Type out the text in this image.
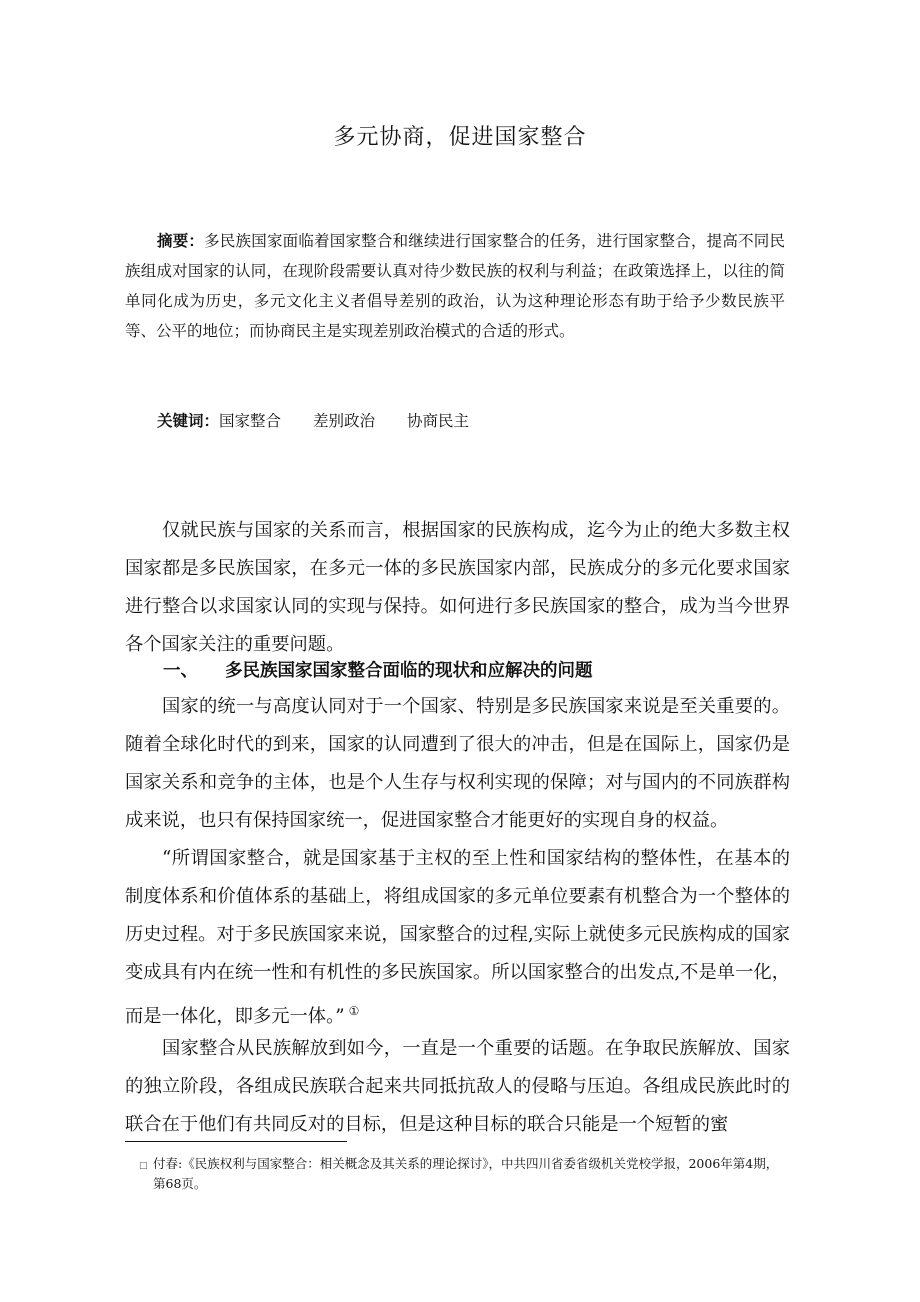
多元协商，促进国家整合
摘要：多民族国家面临着国家整合和继续进行国家整合的任务，进行国家整合，提高不同民族组成对国家的认同，在现阶段需要认真对待少数民族的权利与利益；在政策选择上，以往的简单同化成为历史，多元文化主义者倡导差别的政治，认为这种理论形态有助于给予少数民族平等、公平的地位；而协商民主是实现差别政治模式的合适的形式。
关键词：国家整合 差别政治 协商民主

仅就民族与国家的关系而言，根据国家的民族构成，迄今为止的绝大多数主权国家都是多民族国家，在多元一体的多民族国家内部，民族成分的多元化要求国家进行整合以求国家认同的实现与保持。如何进行多民族国家的整合，成为当今世界各个国家关注的重要问题。

一、 多民族国家国家整合面临的现状和应解决的问题

国家的统一与高度认同对于一个国家、特别是多民族国家来说是至关重要的。随着全球化时代的到来，国家的认同遭到了很大的冲击，但是在国际上，国家仍是国家关系和竞争的主体，也是个人生存与权利实现的保障；对与国内的不同族群构成来说，也只有保持国家统一，促进国家整合才能更好的实现自身的权益。

“所谓国家整合，就是国家基于主权的至上性和国家结构的整体性，在基本的制度体系和价值体系的基础上，将组成国家的多元单位要素有机整合为一个整体的历史过程。对于多民族国家来说，国家整合的过程,实际上就使多元民族构成的国家变成具有内在统一性和有机性的多民族国家。所以国家整合的出发点,不是单一化，而是一体化，即多元一体。” ①

国家整合从民族解放到如今，一直是一个重要的话题。在争取民族解放、国家的独立阶段，各组成民族联合起来共同抵抗敌人的侵略与压迫。各组成民族此时的联合在于他们有共同反对的目标，但是这种目标的联合只能是一个短暂的蜜

□ 付春:《民族权利与国家整合：相关概念及其关系的理论探讨》，中共四川省委省级机关党校学报，2006年第4期，第68页。
